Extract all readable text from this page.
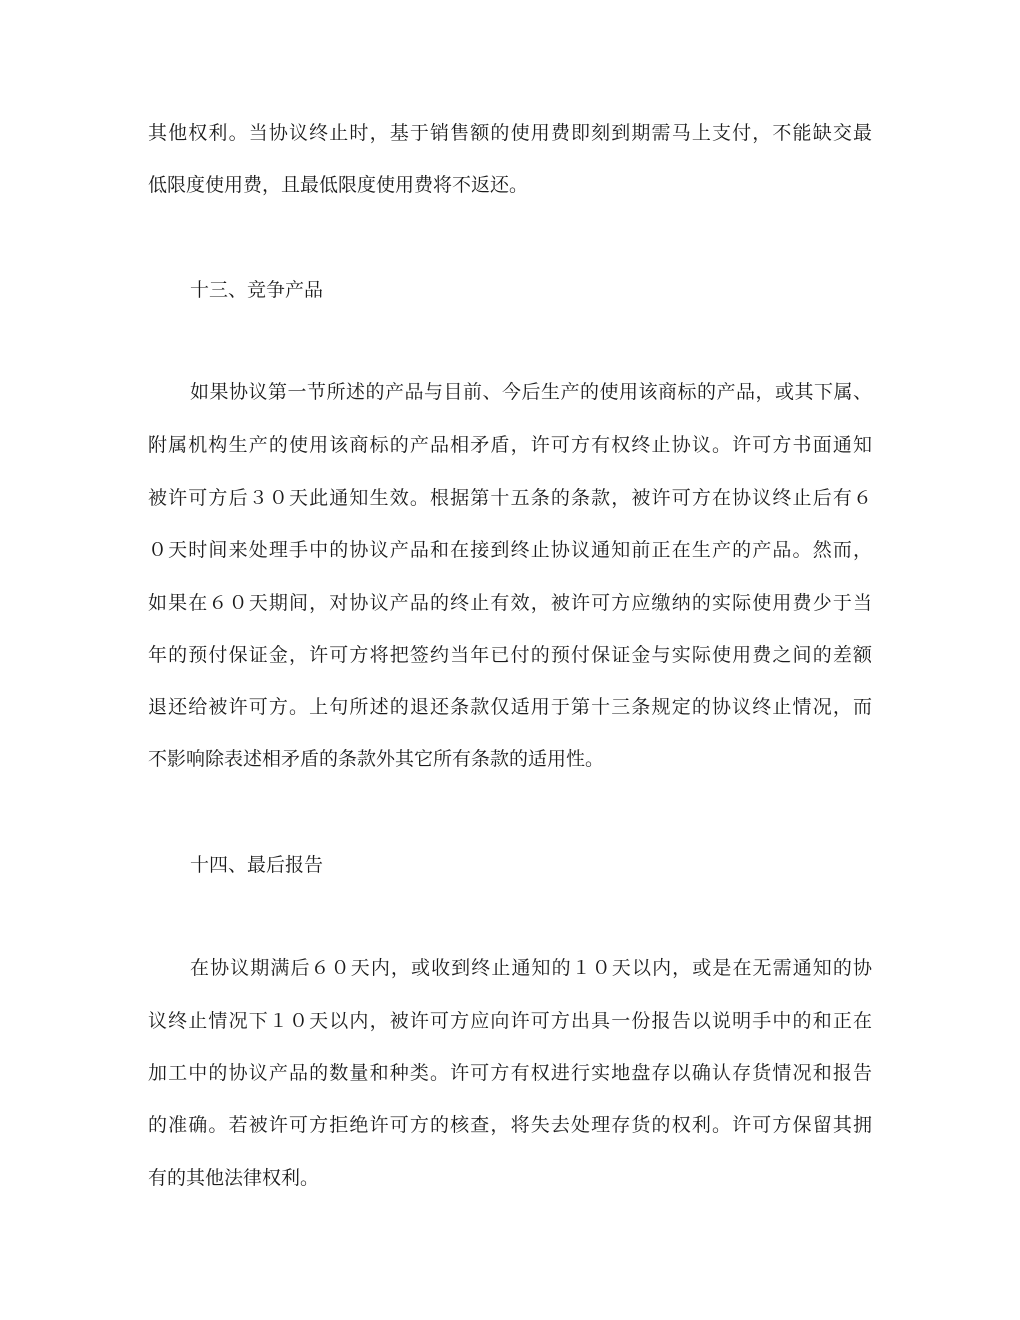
其他权利。当协议终止时，基于销售额的使用费即刻到期需马上支付，不能缺交最
低限度使用费，且最低限度使用费将不返还。
十三、竞争产品
如果协议第一节所述的产品与目前、今后生产的使用该商标的产品，或其下属、
附属机构生产的使用该商标的产品相矛盾，许可方有权终止协议。许可方书面通知
被许可方后３０天此通知生效。根据第十五条的条款，被许可方在协议终止后有６
０天时间来处理手中的协议产品和在接到终止协议通知前正在生产的产品。然而，
如果在６０天期间，对协议产品的终止有效，被许可方应缴纳的实际使用费少于当
年的预付保证金，许可方将把签约当年已付的预付保证金与实际使用费之间的差额
退还给被许可方。上句所述的退还条款仅适用于第十三条规定的协议终止情况，而
不影响除表述相矛盾的条款外其它所有条款的适用性。
十四、最后报告
在协议期满后６０天内，或收到终止通知的１０天以内，或是在无需通知的协
议终止情况下１０天以内，被许可方应向许可方出具一份报告以说明手中的和正在
加工中的协议产品的数量和种类。许可方有权进行实地盘存以确认存货情况和报告
的准确。若被许可方拒绝许可方的核查，将失去处理存货的权利。许可方保留其拥
有的其他法律权利。
